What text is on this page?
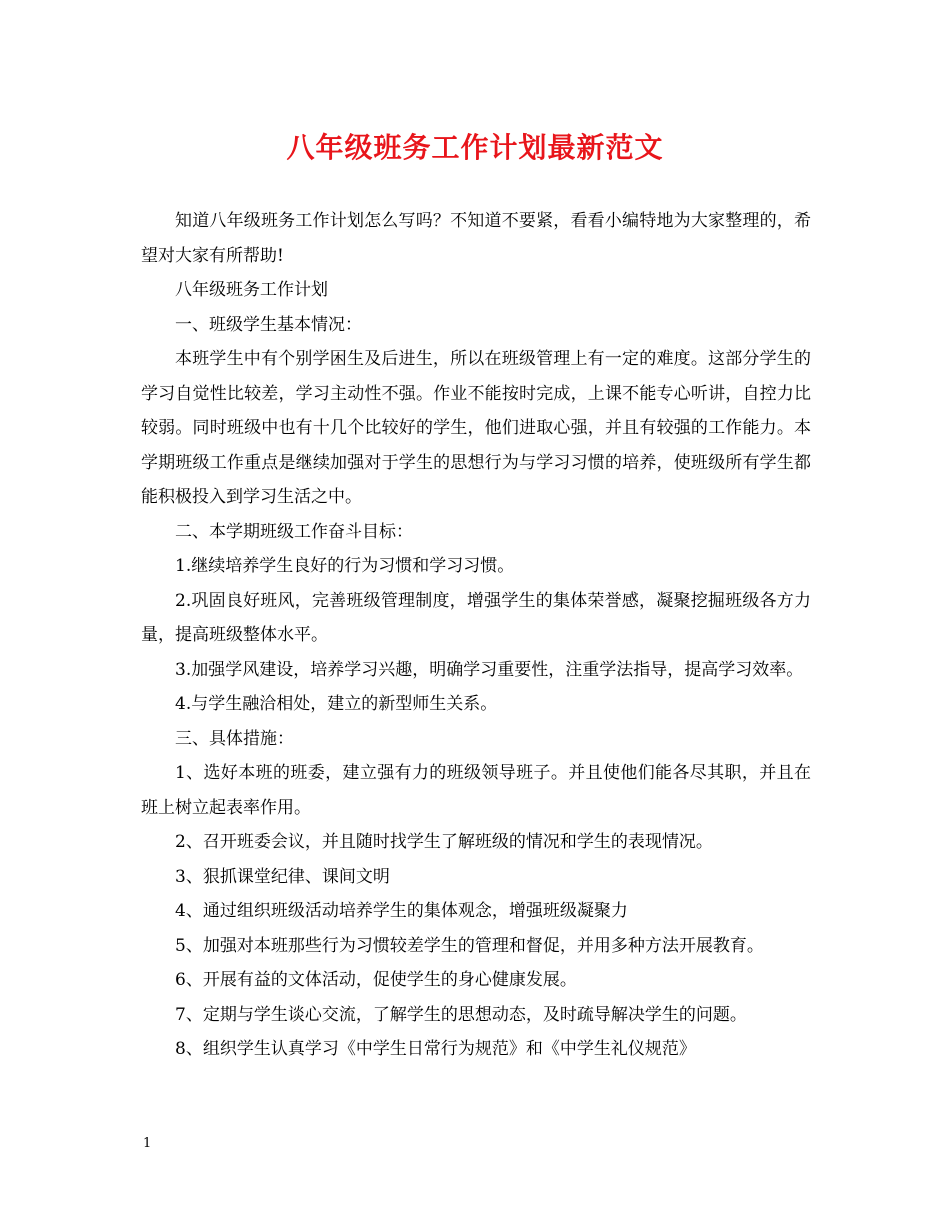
八年级班务工作计划最新范文

知道八年级班务工作计划怎么写吗？不知道不要紧，看看小编特地为大家整理的，希望对大家有所帮助!

八年级班务工作计划

一、班级学生基本情况：

本班学生中有个别学困生及后进生，所以在班级管理上有一定的难度。这部分学生的学习自觉性比较差，学习主动性不强。作业不能按时完成，上课不能专心听讲，自控力比较弱。同时班级中也有十几个比较好的学生，他们进取心强，并且有较强的工作能力。本学期班级工作重点是继续加强对于学生的思想行为与学习习惯的培养，使班级所有学生都能积极投入到学习生活之中。

二、本学期班级工作奋斗目标：

1.继续培养学生良好的行为习惯和学习习惯。

2.巩固良好班风，完善班级管理制度，增强学生的集体荣誉感，凝聚挖掘班级各方力量，提高班级整体水平。

3.加强学风建设，培养学习兴趣，明确学习重要性，注重学法指导，提高学习效率。

4.与学生融洽相处，建立的新型师生关系。

三、具体措施：

1、选好本班的班委，建立强有力的班级领导班子。并且使他们能各尽其职，并且在班上树立起表率作用。

2、召开班委会议，并且随时找学生了解班级的情况和学生的表现情况。

3、狠抓课堂纪律、课间文明

4、通过组织班级活动培养学生的集体观念，增强班级凝聚力

5、加强对本班那些行为习惯较差学生的管理和督促，并用多种方法开展教育。

6、开展有益的文体活动，促使学生的身心健康发展。

7、定期与学生谈心交流，了解学生的思想动态，及时疏导解决学生的问题。

8、组织学生认真学习《中学生日常行为规范》和《中学生礼仪规范》

1
